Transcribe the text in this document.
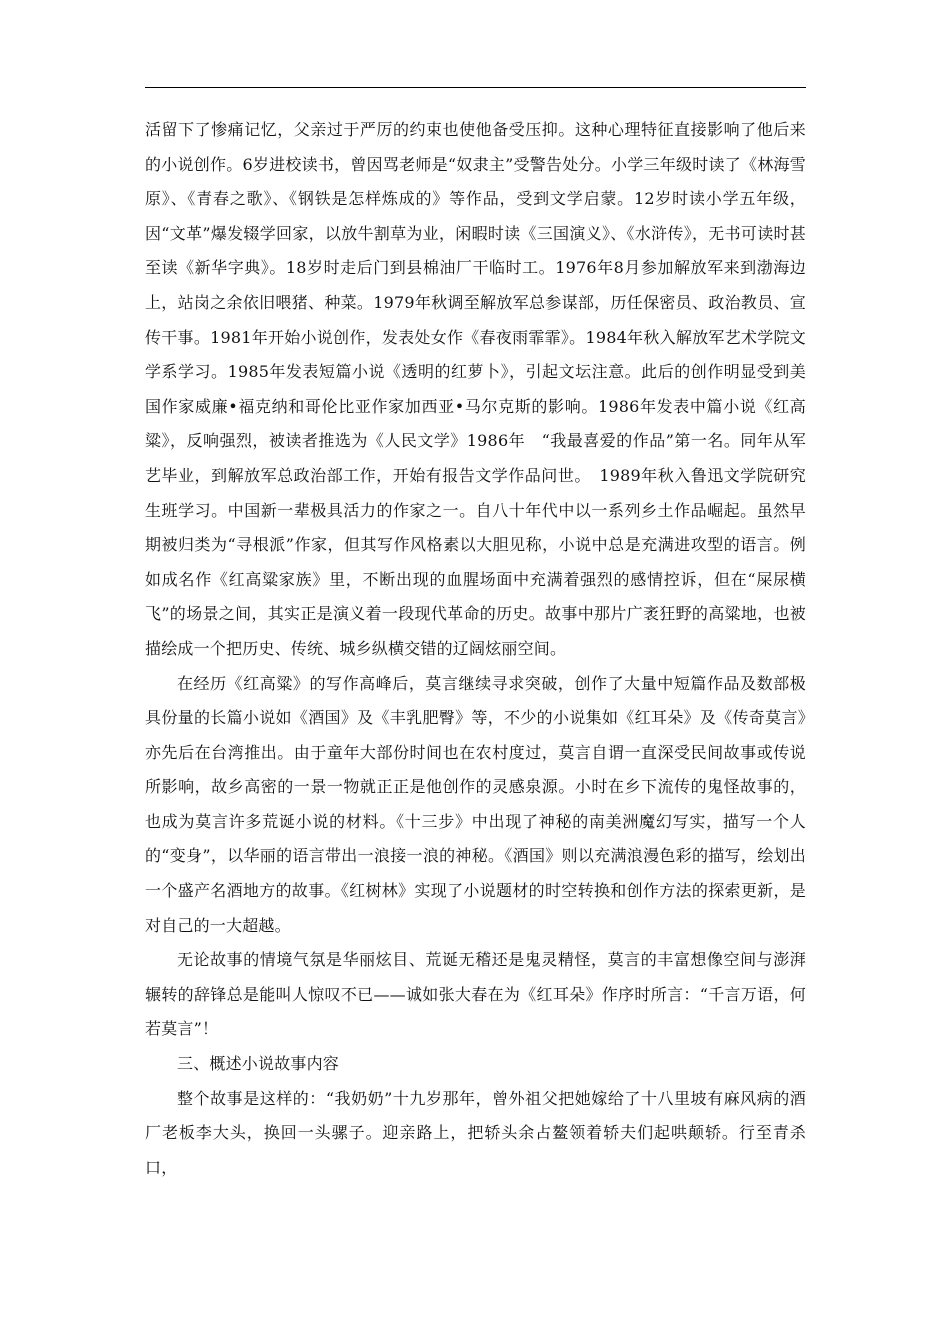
活留下了惨痛记忆，父亲过于严厉的约束也使他备受压抑。这种心理特征直接影响了他后来的小说创作。6岁进校读书，曾因骂老师是“奴隶主”受警告处分。小学三年级时读了《林海雪原》、《青春之歌》、《钢铁是怎样炼成的》等作品，受到文学启蒙。12岁时读小学五年级，因“文革”爆发辍学回家，以放牛割草为业，闲暇时读《三国演义》、《水浒传》，无书可读时甚至读《新华字典》。18岁时走后门到县棉油厂干临时工。1976年8月参加解放军来到渤海边上，站岗之余依旧喂猪、种菜。1979年秋调至解放军总参谋部，历任保密员、政治教员、宣传干事。1981年开始小说创作，发表处女作《春夜雨霏霏》。1984年秋入解放军艺术学院文学系学习。1985年发表短篇小说《透明的红萝卜》，引起文坛注意。此后的创作明显受到美国作家威廉•福克纳和哥伦比亚作家加西亚•马尔克斯的影响。1986年发表中篇小说《红高粱》，反响强烈，被读者推选为《人民文学》1986年　“我最喜爱的作品”第一名。同年从军艺毕业，到解放军总政治部工作，开始有报告文学作品问世。　1989年秋入鲁迅文学院研究生班学习。中国新一辈极具活力的作家之一。自八十年代中以一系列乡土作品崛起。虽然早期被归类为“寻根派”作家，但其写作风格素以大胆见称，小说中总是充满进攻型的语言。例如成名作《红高粱家族》里，不断出现的血腥场面中充满着强烈的感情控诉，但在“屎尿横飞”的场景之间，其实正是演义着一段现代革命的历史。故事中那片广袤狂野的高粱地，也被描绘成一个把历史、传统、城乡纵横交错的辽阔炫丽空间。

在经历《红高粱》的写作高峰后，莫言继续寻求突破，创作了大量中短篇作品及数部极具份量的长篇小说如《酒国》及《丰乳肥臀》等，不少的小说集如《红耳朵》及《传奇莫言》亦先后在台湾推出。由于童年大部份时间也在农村度过，莫言自谓一直深受民间故事或传说所影响，故乡高密的一景一物就正正是他创作的灵感泉源。小时在乡下流传的鬼怪故事的，也成为莫言许多荒诞小说的材料。《十三步》中出现了神秘的南美洲魔幻写实，描写一个人的“变身”，以华丽的语言带出一浪接一浪的神秘。《酒国》则以充满浪漫色彩的描写，绘划出一个盛产名酒地方的故事。《红树林》实现了小说题材的时空转换和创作方法的探索更新，是对自己的一大超越。

无论故事的情境气氛是华丽炫目、荒诞无稽还是鬼灵精怪，莫言的丰富想像空间与澎湃辗转的辞锋总是能叫人惊叹不已——诚如张大春在为《红耳朵》作序时所言：“千言万语，何若莫言”！

三、概述小说故事内容

整个故事是这样的：“我奶奶”十九岁那年，曾外祖父把她嫁给了十八里坡有麻风病的酒厂老板李大头，换回一头骡子。迎亲路上，把轿头余占鳌领着轿夫们起哄颠轿。行至青杀口，
